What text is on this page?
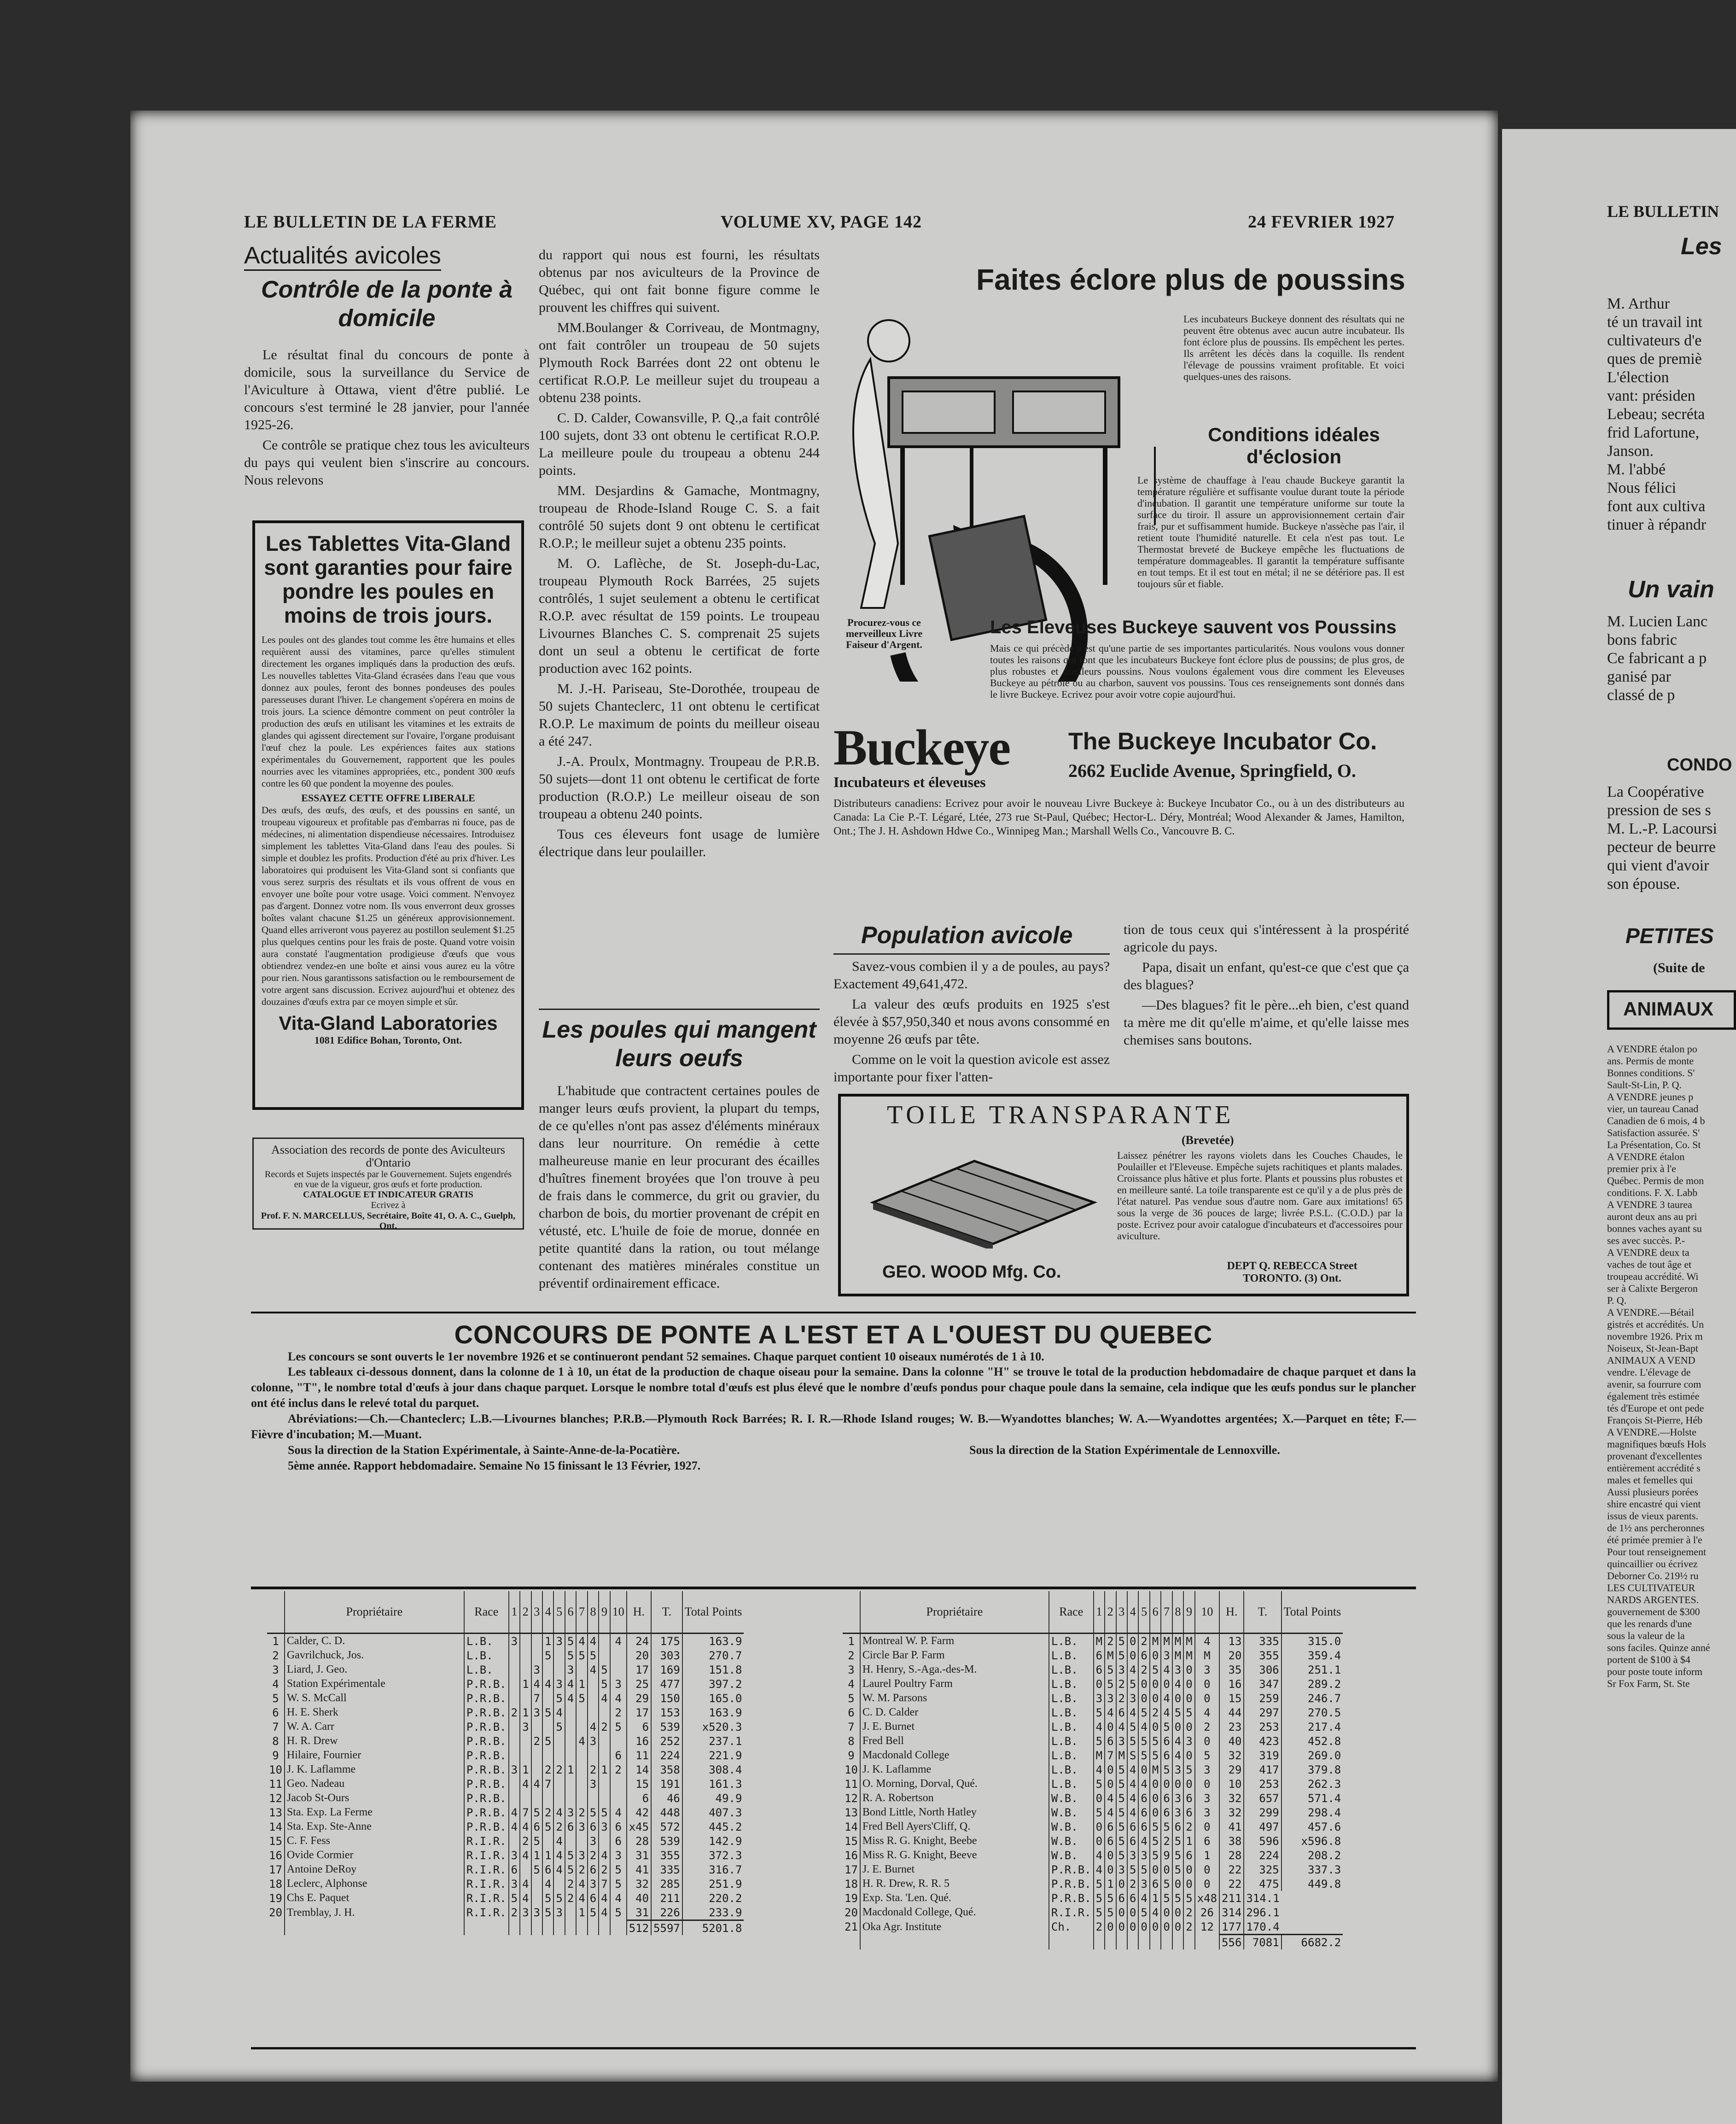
LE BULLETIN DE LA FERME	VOLUME XV, PAGE 142	24 FEVRIER 1927
Actualités avicoles
Contrôle de la ponte à domicile

Le résultat final du concours de ponte à domicile, sous la surveillance du Service de l'Aviculture à Ottawa, vient d'être publié. Le concours s'est terminé le 28 janvier, pour l'année 1925-26.

Ce contrôle se pratique chez tous les aviculteurs du pays qui veulent bien s'inscrire au concours. Nous relevons

Les Tablettes Vita-Gland sont garanties pour faire pondre les poules en moins de trois jours.
Les poules ont des glandes tout comme les être humains et elles requièrent aussi des vitamines, parce qu'elles stimulent directement les organes impliqués dans la production des œufs. Les nouvelles tablettes Vita-Gland écrasées dans l'eau que vous donnez aux poules, feront des bonnes pondeuses des poules paresseuses durant l'hiver. Le changement s'opérera en moins de trois jours. La science démontre comment on peut contrôler la production des œufs en utilisant les vitamines et les extraits de glandes qui agissent directement sur l'ovaire, l'organe produisant l'œuf chez la poule. Les expériences faites aux stations expérimentales du Gouvernement, rapportent que les poules nourries avec les vitamines appropriées, etc., pondent 300 œufs contre les 60 que pondent la moyenne des poules.
ESSAYEZ CETTE OFFRE LIBERALE
Des œufs, des œufs, des œufs, et des poussins en santé, un troupeau vigoureux et profitable pas d'embarras ni fouce, pas de médecines, ni alimentation dispendieuse nécessaires. Introduisez simplement les tablettes Vita-Gland dans l'eau des poules. Si simple et doublez les profits. Production d'été au prix d'hiver. Les laboratoires qui produisent les Vita-Gland sont si confiants que vous serez surpris des résultats et ils vous offrent de vous en envoyer une boîte pour votre usage. Voici comment. N'envoyez pas d'argent. Donnez votre nom. Ils vous enverront deux grosses boîtes valant chacune $1.25 un généreux approvisionnement. Quand elles arriveront vous payerez au postillon seulement $1.25 plus quelques centins pour les frais de poste. Quand votre voisin aura constaté l'augmentation prodigieuse d'œufs que vous obtiendrez vendez-en une boîte et ainsi vous aurez eu la vôtre pour rien. Nous garantissons satisfaction ou le remboursement de votre argent sans discussion. Ecrivez aujourd'hui et obtenez des douzaines d'œufs extra par ce moyen simple et sûr.
Vita-Gland Laboratories
1081 Edifice Bohan, Toronto, Ont.
Association des records de ponte des Aviculteurs d'Ontario
Records et Sujets inspectés par le Gouvernement. Sujets engendrés en vue de la vigueur, gros œufs et forte production.
CATALOGUE ET INDICATEUR GRATIS
Ecrivez à
Prof. F. N. MARCELLUS, Secrétaire, Boîte 41, O. A. C., Guelph, Ont.

du rapport qui nous est fourni, les résultats obtenus par nos aviculteurs de la Province de Québec, qui ont fait bonne figure comme le prouvent les chiffres qui suivent.

MM.Boulanger & Corriveau, de Montmagny, ont fait contrôler un troupeau de 50 sujets Plymouth Rock Barrées dont 22 ont obtenu le certificat R.O.P. Le meilleur sujet du troupeau a obtenu 238 points.

C. D. Calder, Cowansville, P. Q.,a fait contrôlé 100 sujets, dont 33 ont obtenu le certificat R.O.P. La meilleure poule du troupeau a obtenu 244 points.

MM. Desjardins & Gamache, Montmagny, troupeau de Rhode-Island Rouge C. S. a fait contrôlé 50 sujets dont 9 ont obtenu le certificat R.O.P.; le meilleur sujet a obtenu 235 points.

M. O. Laflèche, de St. Joseph-du-Lac, troupeau Plymouth Rock Barrées, 25 sujets contrôlés, 1 sujet seulement a obtenu le certificat R.O.P. avec résultat de 159 points. Le troupeau Livournes Blanches C. S. comprenait 25 sujets dont un seul a obtenu le certificat de forte production avec 162 points.

M. J.-H. Pariseau, Ste-Dorothée, troupeau de 50 sujets Chanteclerc, 11 ont obtenu le certificat R.O.P. Le maximum de points du meilleur oiseau a été 247.

J.-A. Proulx, Montmagny. Troupeau de P.R.B. 50 sujets—dont 11 ont obtenu le certificat de forte production (R.O.P.) Le meilleur oiseau de son troupeau a obtenu 240 points.

Tous ces éleveurs font usage de lumière électrique dans leur poulailler.

Les poules qui mangent leurs oeufs

L'habitude que contractent certaines poules de manger leurs œufs provient, la plupart du temps, de ce qu'elles n'ont pas assez d'éléments minéraux dans leur nourriture. On remédie à cette malheureuse manie en leur procurant des écailles d'huîtres finement broyées que l'on trouve à peu de frais dans le commerce, du grit ou gravier, du charbon de bois, du mortier provenant de crépit en vétusté, etc. L'huile de foie de morue, donnée en petite quantité dans la ration, ou tout mélange contenant des matières minérales constitue un préventif ordinairement efficace.

Faites éclore plus de poussins
Procurez-vous ce merveilleux Livre Faiseur d'Argent.
Les incubateurs Buckeye donnent des résultats qui ne peuvent être obtenus avec aucun autre incubateur. Ils font éclore plus de poussins. Ils empêchent les pertes. Ils arrêtent les décès dans la coquille. Ils rendent l'élevage de poussins vraiment profitable. Et voici quelques-unes des raisons.
Conditions idéales d'éclosion
Le système de chauffage à l'eau chaude Buckeye garantit la température régulière et suffisante voulue durant toute la période d'incubation. Il garantit une température uniforme sur toute la surface du tiroir. Il assure un approvisionnement certain d'air frais, pur et suffisamment humide. Buckeye n'assèche pas l'air, il retient toute l'humidité naturelle. Et cela n'est pas tout. Le Thermostat breveté de Buckeye empêche les fluctuations de température dommageables. Il garantit la température suffisante en tout temps. Et il est tout en métal; il ne se détériore pas. Il est toujours sûr et fiable.
Les Eleveuses Buckeye sauvent vos Poussins
Mais ce qui précède n'est qu'une partie de ses importantes particularités. Nous voulons vous donner toutes les raisons qui font que les incubateurs Buckeye font éclore plus de poussins; de plus gros, de plus robustes et meilleurs poussins. Nous voulons également vous dire comment les Eleveuses Buckeye au pétrole ou au charbon, sauvent vos poussins. Tous ces renseignements sont donnés dans le livre Buckeye. Ecrivez pour avoir votre copie aujourd'hui.
Buckeye
Incubateurs et éleveuses
The Buckeye Incubator Co.
2662 Euclide Avenue, Springfield, O.
Distributeurs canadiens: Ecrivez pour avoir le nouveau Livre Buckeye à: Buckeye Incubator Co., ou à un des distributeurs au Canada: La Cie P.-T. Légaré, Ltée, 273 rue St-Paul, Québec; Hector-L. Déry, Montréal; Wood Alexander & James, Hamilton, Ont.; The J. H. Ashdown Hdwe Co., Winnipeg Man.; Marshall Wells Co., Vancouvre B. C.
Population avicole

Savez-vous combien il y a de poules, au pays? Exactement 49,641,472.

La valeur des œufs produits en 1925 s'est élevée à $57,950,340 et nous avons consommé en moyenne 26 œufs par tête.

Comme on le voit la question avicole est assez importante pour fixer l'atten-

tion de tous ceux qui s'intéressent à la prospérité agricole du pays.

Papa, disait un enfant, qu'est-ce que c'est que ça des blagues?

—Des blagues? fit le père...eh bien, c'est quand ta mère me dit qu'elle m'aime, et qu'elle laisse mes chemises sans boutons.

TOILE TRANSPARANTE
(Brevetée)
Laissez pénétrer les rayons violets dans les Couches Chaudes, le Poulailler et l'Eleveuse. Empêche sujets rachitiques et plants malades. Croissance plus hâtive et plus forte. Plants et poussins plus robustes et en meilleure santé. La toile transparente est ce qu'il y a de plus près de l'état naturel. Pas vendue sous d'autre nom. Gare aux imitations! 65 sous la verge de 36 pouces de large; livrée P.S.L. (C.O.D.) par la poste. Ecrivez pour avoir catalogue d'incubateurs et d'accessoires pour aviculture.
GEO. WOOD Mfg. Co.	DEPT Q. REBECCA Street TORONTO. (3) Ont.
CONCOURS DE PONTE A L'EST ET A L'OUEST DU QUEBEC
Les concours se sont ouverts le 1er novembre 1926 et se continueront pendant 52 semaines. Chaque parquet contient 10 oiseaux numérotés de 1 à 10.
Les tableaux ci-dessous donnent, dans la colonne de 1 à 10, un état de la production de chaque oiseau pour la semaine. Dans la colonne "H" se trouve le total de la production hebdomadaire de chaque parquet et dans la colonne, "T", le nombre total d'œufs à jour dans chaque parquet. Lorsque le nombre total d'œufs est plus élevé que le nombre d'œufs pondus pour chaque poule dans la semaine, cela indique que les œufs pondus sur le plancher ont été inclus dans le relevé total du parquet.
Abréviations:—Ch.—Chanteclerc; L.B.—Livournes blanches; P.R.B.—Plymouth Rock Barrées; R. I. R.—Rhode Island rouges; W. B.—Wyandottes blanches; W. A.—Wyandottes argentées; X.—Parquet en tête; F.—Fièvre d'incubation; M.—Muant.
Sous la direction de la Station Expérimentale, à Sainte-Anne-de-la-Pocatière.	Sous la direction de la Station Expérimentale de Lennoxville.
5ème année. Rapport hebdomadaire. Semaine No 15 finissant le 13 Février, 1927.
	Propriétaire	Race	1	2	3	4	5	6	7	8	9	10	H.	T.	Total Points
1	Calder, C. D.	L.B.	3			1	3	5	4	4		4	24	175	163.9
2	Gavrilchuck, Jos.	L.B.				5		5	5	5			20	303	270.7
3	Liard, J. Geo.	L.B.			3			3		4	5		17	169	151.8
4	Station Expérimentale	P.R.B.		1	4	4	3	4	1		5	3	25	477	397.2
5	W. S. McCall	P.R.B.			7		5	4	5		4	4	29	150	165.0
6	H. E. Sherk	P.R.B.	2	1	3	5	4					2	17	153	163.9
7	W. A. Carr	P.R.B.		3			5			4	2	5	6	539	x520.3
8	H. R. Drew	P.R.B.			2	5			4	3			16	252	237.1
9	Hilaire, Fournier	P.R.B.										6	11	224	221.9
10	J. K. Laflamme	P.R.B.	3	1		2	2	1		2	1	2	14	358	308.4
11	Geo. Nadeau	P.R.B.		4	4	7				3			15	191	161.3
12	Jacob St-Ours	P.R.B.											6	46	49.9
13	Sta. Exp. La Ferme	P.R.B.	4	7	5	2	4	3	2	5	5	4	42	448	407.3
14	Sta. Exp. Ste-Anne	P.R.B.	4	4	6	5	2	6	3	6	3	6	x45	572	445.2
15	C. F. Fess	R.I.R.		2	5		4			3		6	28	539	142.9
16	Ovide Cormier	R.I.R.	3	4	1	1	4	5	3	2	4	3	31	355	372.3
17	Antoine DeRoy	R.I.R.	6		5	6	4	5	2	6	2	5	41	335	316.7
18	Leclerc, Alphonse	R.I.R.	3	4		4		2	4	3	7	5	32	285	251.9
19	Chs E. Paquet	R.I.R.	5	4		5	5	2	4	6	4	4	40	211	220.2
20	Tremblay, J. H.	R.I.R.	2	3	3	5	3		1	5	4	5	31	226	233.9
													512	5597	5201.8
	Propriétaire	Race	1	2	3	4	5	6	7	8	9	10	H.	T.	Total Points
1	Montreal W. P. Farm	L.B.	M	2	5	0	2	M	M	M	M	4	13	335	315.0
2	Circle Bar P. Farm	L.B.	6	M	5	0	6	0	3	M	M	M	20	355	359.4
3	H. Henry, S.-Aga.-des-M.	L.B.	6	5	3	4	2	5	4	3	0	3	35	306	251.1
4	Laurel Poultry Farm	L.B.	0	5	2	5	0	0	0	4	0	0	16	347	289.2
5	W. M. Parsons	L.B.	3	3	2	3	0	0	4	0	0	0	15	259	246.7
6	C. D. Calder	L.B.	5	4	6	4	5	2	4	5	5	4	44	297	270.5
7	J. E. Burnet	L.B.	4	0	4	5	4	0	5	0	0	2	23	253	217.4
8	Fred Bell	L.B.	5	6	3	5	5	5	6	4	3	0	40	423	452.8
9	Macdonald College	L.B.	M	7	M	S	5	5	6	4	0	5	32	319	269.0
10	J. K. Laflamme	L.B.	4	0	5	4	0	M	5	3	5	3	29	417	379.8
11	O. Morning, Dorval, Qué.	L.B.	5	0	5	4	4	0	0	0	0	0	10	253	262.3
12	R. A. Robertson	W.B.	0	4	5	4	6	0	6	3	6	3	32	657	571.4
13	Bond Little, North Hatley	W.B.	5	4	5	4	6	0	6	3	6	3	32	299	298.4
14	Fred Bell Ayers'Cliff, Q.	W.B.	0	6	5	6	6	5	5	6	2	0	41	497	457.6
15	Miss R. G. Knight, Beebe	W.B.	0	6	5	6	4	5	2	5	1	6	38	596	x596.8
16	Miss R. G. Knight, Beeve	W.B.	4	0	5	3	3	5	9	5	6	1	28	224	208.2
17	J. E. Burnet	P.R.B.	4	0	3	5	5	0	0	5	0	0	22	325	337.3
18	H. R. Drew, R. R. 5	P.R.B.	5	1	0	2	3	6	5	0	0	0	22	475	449.8
19	Exp. Sta. 'Len. Qué.	P.R.B.	5	5	6	6	4	1	5	5	5	x48	211	314.1	
20	Macdonald College, Qué.	R.I.R.	5	5	0	0	5	4	0	0	2	26	314	296.1	
21	Oka Agr. Institute	Ch.	2	0	0	0	0	0	0	0	2	12	177	170.4	
													556	7081	6682.2
LE BULLETIN
Les
M. Arthur
té un travail int
cultivateurs d'e
ques de premiè
L'élection
vant: présiden
Lebeau; secréta
frid Lafortune,
Janson.
M. l'abbé
Nous félici
font aux cultiva
tinuer à répandr
Un vain
M. Lucien Lanc
bons fabric
Ce fabricant a p
ganisé par
classé de p
CONDO
La Coopérative
pression de ses s
M. L.-P. Lacoursi
pecteur de beurre
qui vient d'avoir
son épouse.
PETITES
(Suite de
ANIMAUX
A VENDRE étalon po
ans. Permis de monte
Bonnes conditions. S'
Sault-St-Lin, P. Q.
A VENDRE jeunes p
vier, un taureau Canad
Canadien de 6 mois, 4 b
Satisfaction assurée. S'
La Présentation, Co. St
A VENDRE étalon
premier prix à l'e
Québec. Permis de mon
conditions. F. X. Labb
A VENDRE 3 taurea
auront deux ans au pri
bonnes vaches ayant su
ses avec succès. P.-
A VENDRE deux ta
vaches de tout âge et
troupeau accrédité. Wi
ser à Calixte Bergeron
P. Q.
A VENDRE.—Bétail
gistrés et accrédités. Un
novembre 1926. Prix m
Noiseux, St-Jean-Bapt
ANIMAUX A VEND
vendre. L'élevage de
avenir, sa fourrure com
également très estimée
tés d'Europe et ont pede
François St-Pierre, Héb
A VENDRE.—Holste
magnifiques bœufs Hols
provenant d'excellentes
entièrement accrédité s
males et femelles qui
Aussi plusieurs porées
shire encastré qui vient
issus de vieux parents.
de 1½ ans percheronnes
été primée premier à l'e
Pour tout renseignement
quincaillier ou écrivez
Deborner Co. 219½ ru
LES CULTIVATEUR
NARDS ARGENTES.
gouvernement de $300
que les renards d'une
sous la valeur de la
sons faciles. Quinze anné
portent de $100 à $4
pour poste toute inform
Sr Fox Farm, St. Ste
